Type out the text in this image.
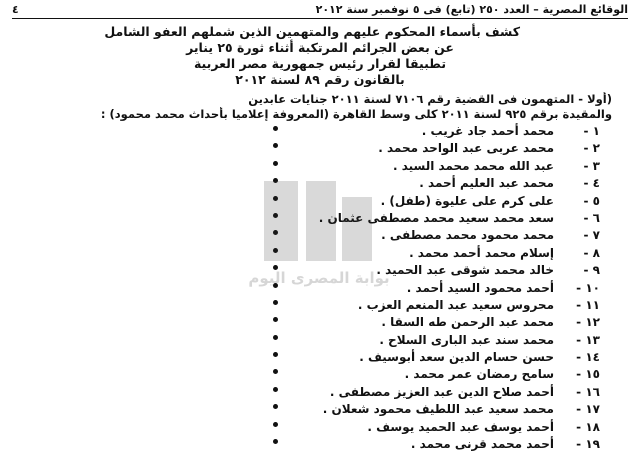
الوقائع المصرية – العدد ٢٥٠ (تابع) فى ٥ نوفمبر سنة ٢٠١٢
٤
كشف بأسماء المحكوم عليهم والمتهمين الذين شملهم العفو الشامل
عن بعض الجرائم المرتكبة أثناء ثورة ٢٥ يناير
تطبيقا لقرار رئيس جمهورية مصر العربية
بالقانون رقم ٨٩ لسنة ٢٠١٢
(أولا - المتهمون فى القضية رقم ٧١٠٦ لسنة ٢٠١١ جنايات عابدين
والمقيدة برقم ٩٢٥ لسنة ٢٠١١ كلى وسط القاهرة (المعروفة إعلاميا بأحداث محمد محمود) :
١ -
محمد أحمد جاد غريب .
٢ -
محمد عربى عبد الواحد محمد .
٣ -
عبد الله محمد محمد السيد .
٤ -
محمد عبد العليم أحمد .
٥ -
على كرم على عليوة (طفل) .
٦ -
سعد محمد سعيد محمد مصطفى عثمان .
٧ -
محمد محمود محمد مصطفى .
٨ -
إسلام محمد أحمد محمد .
٩ -
خالد محمد شوقى عبد الحميد .
١٠ -
أحمد محمود السيد أحمد .
١١ -
محروس سعيد عبد المنعم العزب .
١٢ -
محمد عبد الرحمن طه السقا .
١٣ -
محمد سند عبد البارى السلاح .
١٤ -
حسن حسام الدين سعد أبوسيف .
١٥ -
سامح رمضان عمر محمد .
١٦ -
أحمد صلاح الدين عبد العزيز مصطفى .
١٧ -
محمد سعيد عبد اللطيف محمود شعلان .
١٨ -
أحمد يوسف عبد الحميد يوسف .
١٩ -
أحمد محمد قرنى محمد .
بوابة المصرى اليوم
